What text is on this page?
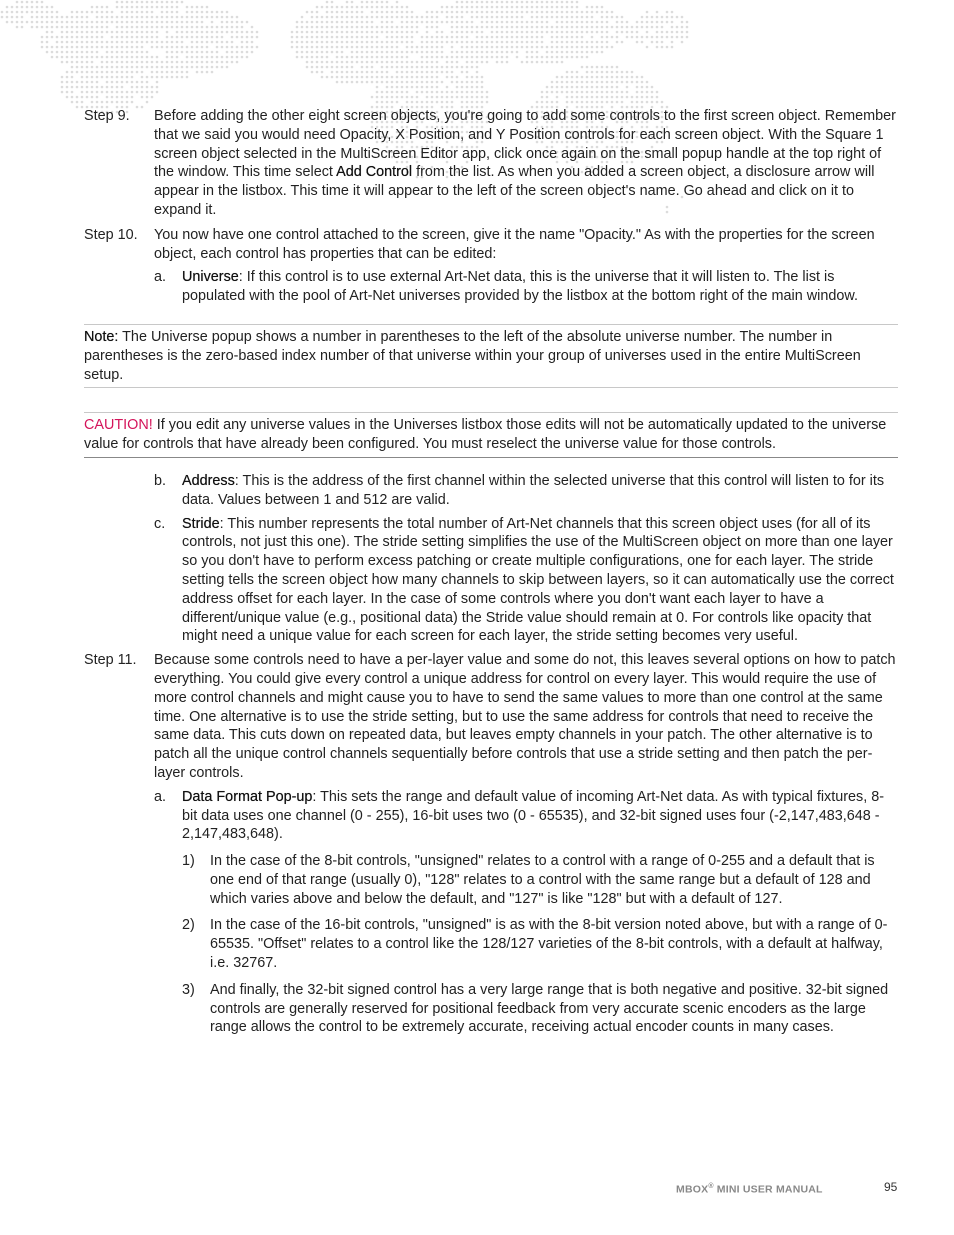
Step 9.	Before adding the other eight screen objects, you're going to add some controls to the first screen object. Remember that we said you would need Opacity, X Position, and Y Position controls for each screen object. With the Square 1 screen object selected in the MultiScreen Editor app, click once again on the small popup handle at the top right of the window. This time select Add Control from the list. As when you added a screen object, a disclosure arrow will appear in the listbox. This time it will appear to the left of the screen object's name. Go ahead and click on it to expand it.
Step 10.	You now have one control attached to the screen, give it the name "Opacity." As with the properties for the screen object, each control has properties that can be edited:
a.	Universe: If this control is to use external Art-Net data, this is the universe that it will listen to. The list is populated with the pool of Art-Net universes provided by the listbox at the bottom right of the main window.
Note: The Universe popup shows a number in parentheses to the left of the absolute universe number. The number in parentheses is the zero-based index number of that universe within your group of universes used in the entire MultiScreen setup.
CAUTION! If you edit any universe values in the Universes listbox those edits will not be automatically updated to the universe value for controls that have already been configured. You must reselect the universe value for those controls.
b.	Address: This is the address of the first channel within the selected universe that this control will listen to for its data. Values between 1 and 512 are valid.
c.	Stride: This number represents the total number of Art-Net channels that this screen object uses (for all of its controls, not just this one). The stride setting simplifies the use of the MultiScreen object on more than one layer so you don't have to perform excess patching or create multiple configurations, one for each layer. The stride setting tells the screen object how many channels to skip between layers, so it can automatically use the correct address offset for each layer. In the case of some controls where you don't want each layer to have a different/unique value (e.g., positional data) the Stride value should remain at 0. For controls like opacity that might need a unique value for each screen for each layer, the stride setting becomes very useful.
Step 11.	Because some controls need to have a per-layer value and some do not, this leaves several options on how to patch everything. You could give every control a unique address for control on every layer. This would require the use of more control channels and might cause you to have to send the same values to more than one control at the same time. One alternative is to use the stride setting, but to use the same address for controls that need to receive the same data. This cuts down on repeated data, but leaves empty channels in your patch. The other alternative is to patch all the unique control channels sequentially before controls that use a stride setting and then patch the per-layer controls.
a.	Data Format Pop-up: This sets the range and default value of incoming Art-Net data. As with typical fixtures, 8-bit data uses one channel (0 - 255), 16-bit uses two (0 - 65535), and 32-bit signed uses four (-2,147,483,648 - 2,147,483,648).
1)	In the case of the 8-bit controls, "unsigned" relates to a control with a range of 0-255 and a default that is one end of that range (usually 0), "128" relates to a control with the same range but a default of 128 and which varies above and below the default, and "127" is like "128" but with a default of 127.
2)	In the case of the 16-bit controls, "unsigned" is as with the 8-bit version noted above, but with a range of 0-65535. "Offset" relates to a control like the 128/127 varieties of the 8-bit controls, with a default at halfway, i.e. 32767.
3)	And finally, the 32-bit signed control has a very large range that is both negative and positive. 32-bit signed controls are generally reserved for positional feedback from very accurate scenic encoders as the large range allows the control to be extremely accurate, receiving actual encoder counts in many cases.
MBOX® MINI USER MANUAL	95
